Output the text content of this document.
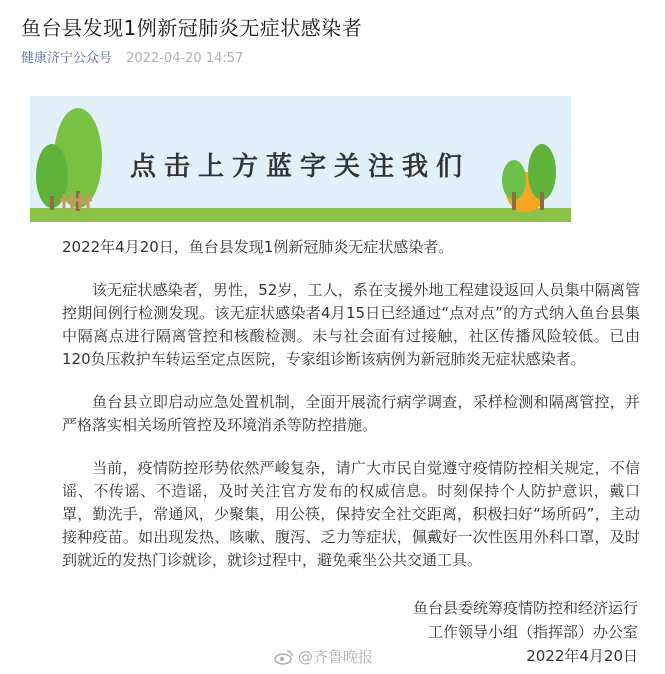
鱼台县发现1例新冠肺炎无症状感染者
健康济宁公众号 2022-04-20 14:57
点击上方蓝字关注我们

2022年4月20日，鱼台县发现1例新冠肺炎无症状感染者。

该无症状感染者，男性，52岁，工人，系在支援外地工程建设返回人员集中隔离管控期间例行检测发现。该无症状感染者4月15日已经通过“点对点”的方式纳入鱼台县集中隔离点进行隔离管控和核酸检测。未与社会面有过接触，社区传播风险较低。已由120负压救护车转运至定点医院，专家组诊断该病例为新冠肺炎无症状感染者。

鱼台县立即启动应急处置机制，全面开展流行病学调查，采样检测和隔离管控，并严格落实相关场所管控及环境消杀等防控措施。

当前，疫情防控形势依然严峻复杂，请广大市民自觉遵守疫情防控相关规定，不信谣、不传谣、不造谣，及时关注官方发布的权威信息。时刻保持个人防护意识，戴口罩，勤洗手，常通风，少聚集，用公筷，保持安全社交距离，积极扫好“场所码”，主动接种疫苗。如出现发热、咳嗽、腹泻、乏力等症状，佩戴好一次性医用外科口罩，及时到就近的发热门诊就诊，就诊过程中，避免乘坐公共交通工具。

鱼台县委统筹疫情防控和经济运行
工作领导小组（指挥部）办公室
2022年4月20日
@齐鲁晚报
